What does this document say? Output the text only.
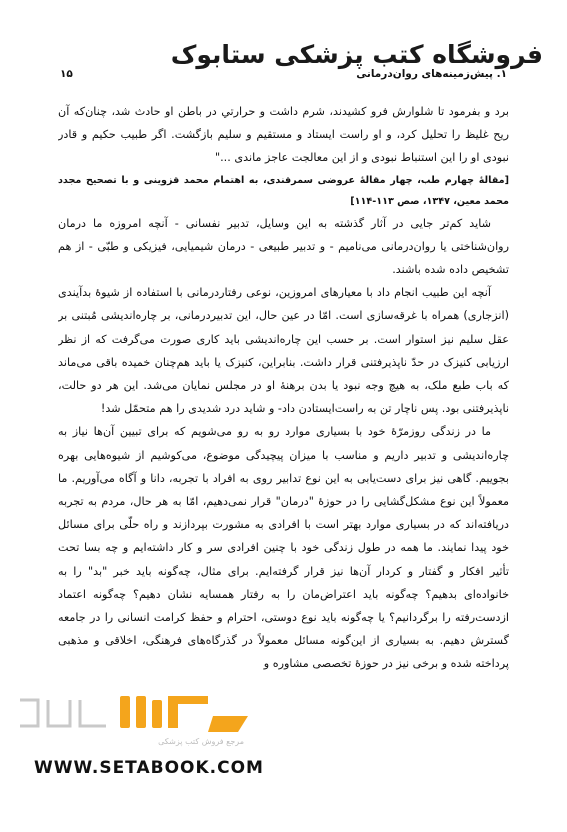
فروشگاه کتب پزشکی ستابوک
۱. پیش‌زمینه‌های روان‌درمانی
۱۵

برد و بفرمود تا شلوارش فرو کشیدند، شرم داشت و حرارتي در باطن او حادث شد، چنان‌که آن ریح غلیظ را تحلیل کرد، و او راست ایستاد و مستقیم و سلیم بازگشت. اگر طبیب حکیم و قادر نبودی او را این استنباط نبودی و از این معالجت عاجز ماندی ..."

[مقالۀ چهارم طب، چهار مقالۀ عروضی سمرقندی، به اهتمام محمد قزوینی و با تصحیح مجدد محمد معین، ۱۳۴۷، صص ۱۱۳-۱۱۴]

شاید کم‌تر جایی در آثار گذشته به این وسایل، تدبیر نفسانی - آنچه امروزه ما درمان روان‌شناختی یا روان‌درمانی می‌نامیم - و تدبیر طبیعی - درمان شیمیایی، فیزیکی و طبّی - از هم تشخیص داده شده باشند.

آنچه این طبیب انجام داد با معیارهای امروزین، نوعی رفتاردرمانی با استفاده از شیوۀ بدآیندی (انزجاری) همراه با غرقه‌سازی است. امّا در عین حال، این تدبیردرمانی، بر چاره‌اندیشی مُبتنی بر عقل سلیم نیز استوار است. بر حسب این چاره‌اندیشی باید کاری صورت می‌گرفت که از نظر ارزیابی کنیزک در حدّ ناپذیرفتنی قرار داشت. بنابراین، کنیزک یا باید هم‌چنان خمیده باقی می‌ماند که باب طبع ملک، به هیچ وجه نبود یا بدن برهنۀ او در مجلس نمایان می‌شد. این هر دو حالت، ناپذیرفتنی بود. پس ناچار تن به راست‌ایستادن داد- و شاید درد شدیدی را هم متحمّل شد!

ما در زندگی روزمرّۀ خود با بسیاری موارد رو به رو می‌شویم که برای تبیین آن‌ها نیاز به چاره‌اندیشی و تدبیر داریم و مناسب با میزان پیچیدگی موضوع، می‌کوشیم از شیوه‌هایی بهره بجوییم. گاهی نیز برای دست‌یابی به این نوع تدابیر روی به افراد با تجربه، دانا و آگاه می‌آوریم. ما معمولاً این نوع مشکل‌گشایی را در حوزۀ "درمان" قرار نمی‌دهیم، امّا به هر حال، مردم به تجربه دریافته‌اند که در بسیاری موارد بهتر است با افرادی به مشورت بپردازند و راه حلّی برای مسائل خود پیدا نمایند. ما همه در طول زندگی خود با چنین افرادی سر و کار داشته‌ایم و چه بسا تحت تأثیر افکار و گفتار و کردار آن‌ها نیز قرار گرفته‌ایم. برای مثال، چه‌گونه باید خبر "بد" را به خانواده‌ای بدهیم؟ چه‌گونه باید اعتراض‌مان را به رفتار همسایه نشان دهیم؟ چه‌گونه اعتماد ازدست‌رفته را برگردانیم؟ یا چه‌گونه باید نوع دوستی، احترام و حفظ کرامت انسانی را در جامعه گسترش دهیم. به بسیاری از این‌گونه مسائل معمولاً در گذرگاه‌های فرهنگی، اخلاقی و مذهبی پرداخته شده و برخی نیز در حوزۀ تخصصی مشاوره و

مرجع فروش کتب پزشکی
WWW.SETABOOK.COM
